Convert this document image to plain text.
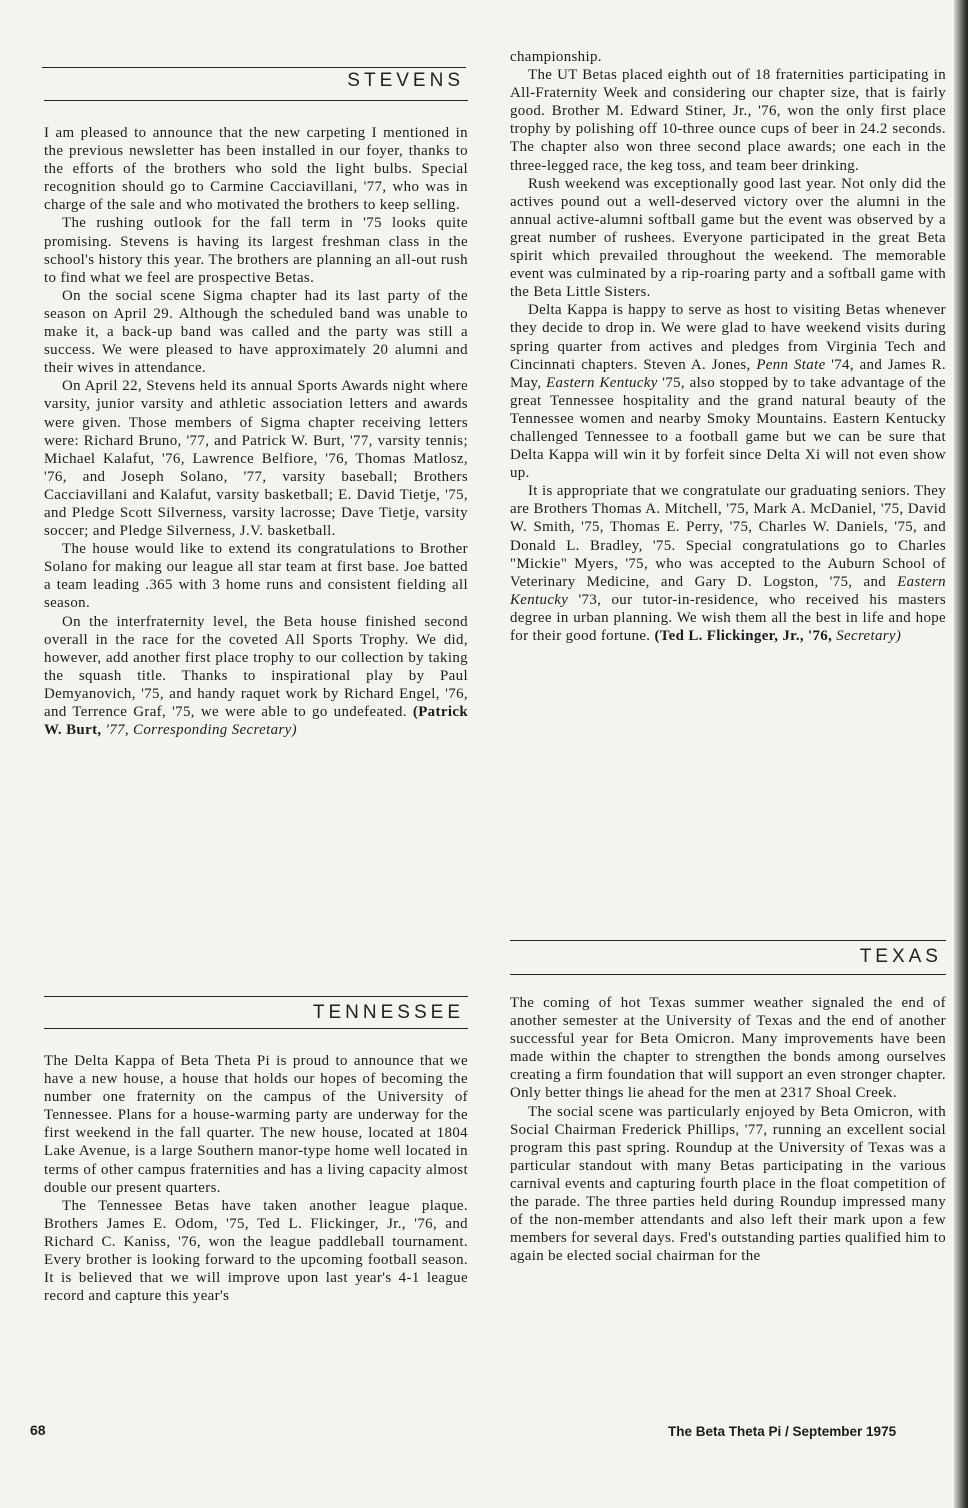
STEVENS

I am pleased to announce that the new carpeting I mentioned in the previous newsletter has been installed in our foyer, thanks to the efforts of the brothers who sold the light bulbs. Special recognition should go to Carmine Cacciavillani, '77, who was in charge of the sale and who motivated the brothers to keep selling.

The rushing outlook for the fall term in '75 looks quite promising. Stevens is having its largest freshman class in the school's history this year. The brothers are planning an all-out rush to find what we feel are prospective Betas.

On the social scene Sigma chapter had its last party of the season on April 29. Although the scheduled band was unable to make it, a back-up band was called and the party was still a success. We were pleased to have approximately 20 alumni and their wives in attendance.

On April 22, Stevens held its annual Sports Awards night where varsity, junior varsity and athletic association letters and awards were given. Those members of Sigma chapter receiving letters were: Richard Bruno, '77, and Patrick W. Burt, '77, varsity tennis; Michael Kalafut, '76, Lawrence Belfiore, '76, Thomas Matlosz, '76, and Joseph Solano, '77, varsity baseball; Brothers Cacciavillani and Kalafut, varsity basketball; E. David Tietje, '75, and Pledge Scott Silverness, varsity lacrosse; Dave Tietje, varsity soccer; and Pledge Silverness, J.V. basketball.

The house would like to extend its congratulations to Brother Solano for making our league all star team at first base. Joe batted a team leading .365 with 3 home runs and consistent fielding all season.

On the interfraternity level, the Beta house finished second overall in the race for the coveted All Sports Trophy. We did, however, add another first place trophy to our collection by taking the squash title. Thanks to inspirational play by Paul Demyanovich, '75, and handy raquet work by Richard Engel, '76, and Terrence Graf, '75, we were able to go undefeated. (Patrick W. Burt, '77, Corresponding Secretary)

TENNESSEE

The Delta Kappa of Beta Theta Pi is proud to announce that we have a new house, a house that holds our hopes of becoming the number one fraternity on the campus of the University of Tennessee. Plans for a house-warming party are underway for the first weekend in the fall quarter. The new house, located at 1804 Lake Avenue, is a large Southern manor-type home well located in terms of other campus fraternities and has a living capacity almost double our present quarters.

The Tennessee Betas have taken another league plaque. Brothers James E. Odom, '75, Ted L. Flickinger, Jr., '76, and Richard C. Kaniss, '76, won the league paddleball tournament. Every brother is looking forward to the upcoming football season. It is believed that we will improve upon last year's 4-1 league record and capture this year's

championship.

The UT Betas placed eighth out of 18 fraternities participating in All-Fraternity Week and considering our chapter size, that is fairly good. Brother M. Edward Stiner, Jr., '76, won the only first place trophy by polishing off 10-three ounce cups of beer in 24.2 seconds. The chapter also won three second place awards; one each in the three-legged race, the keg toss, and team beer drinking.

Rush weekend was exceptionally good last year. Not only did the actives pound out a well-deserved victory over the alumni in the annual active-alumni softball game but the event was observed by a great number of rushees. Everyone participated in the great Beta spirit which prevailed throughout the weekend. The memorable event was culminated by a rip-roaring party and a softball game with the Beta Little Sisters.

Delta Kappa is happy to serve as host to visiting Betas whenever they decide to drop in. We were glad to have weekend visits during spring quarter from actives and pledges from Virginia Tech and Cincinnati chapters. Steven A. Jones, Penn State '74, and James R. May, Eastern Kentucky '75, also stopped by to take advantage of the great Tennessee hospitality and the grand natural beauty of the Tennessee women and nearby Smoky Mountains. Eastern Kentucky challenged Tennessee to a football game but we can be sure that Delta Kappa will win it by forfeit since Delta Xi will not even show up.

It is appropriate that we congratulate our graduating seniors. They are Brothers Thomas A. Mitchell, '75, Mark A. McDaniel, '75, David W. Smith, '75, Thomas E. Perry, '75, Charles W. Daniels, '75, and Donald L. Bradley, '75. Special congratulations go to Charles "Mickie" Myers, '75, who was accepted to the Auburn School of Veterinary Medicine, and Gary D. Logston, '75, and Eastern Kentucky '73, our tutor-in-residence, who received his masters degree in urban planning. We wish them all the best in life and hope for their good fortune. (Ted L. Flickinger, Jr., '76, Secretary)

TEXAS

The coming of hot Texas summer weather signaled the end of another semester at the University of Texas and the end of another successful year for Beta Omicron. Many improvements have been made within the chapter to strengthen the bonds among ourselves creating a firm foundation that will support an even stronger chapter. Only better things lie ahead for the men at 2317 Shoal Creek.

The social scene was particularly enjoyed by Beta Omicron, with Social Chairman Frederick Phillips, '77, running an excellent social program this past spring. Roundup at the University of Texas was a particular standout with many Betas participating in the various carnival events and capturing fourth place in the float competition of the parade. The three parties held during Roundup impressed many of the non-member attendants and also left their mark upon a few members for several days. Fred's outstanding parties qualified him to again be elected social chairman for the

68	The Beta Theta Pi / September 1975
